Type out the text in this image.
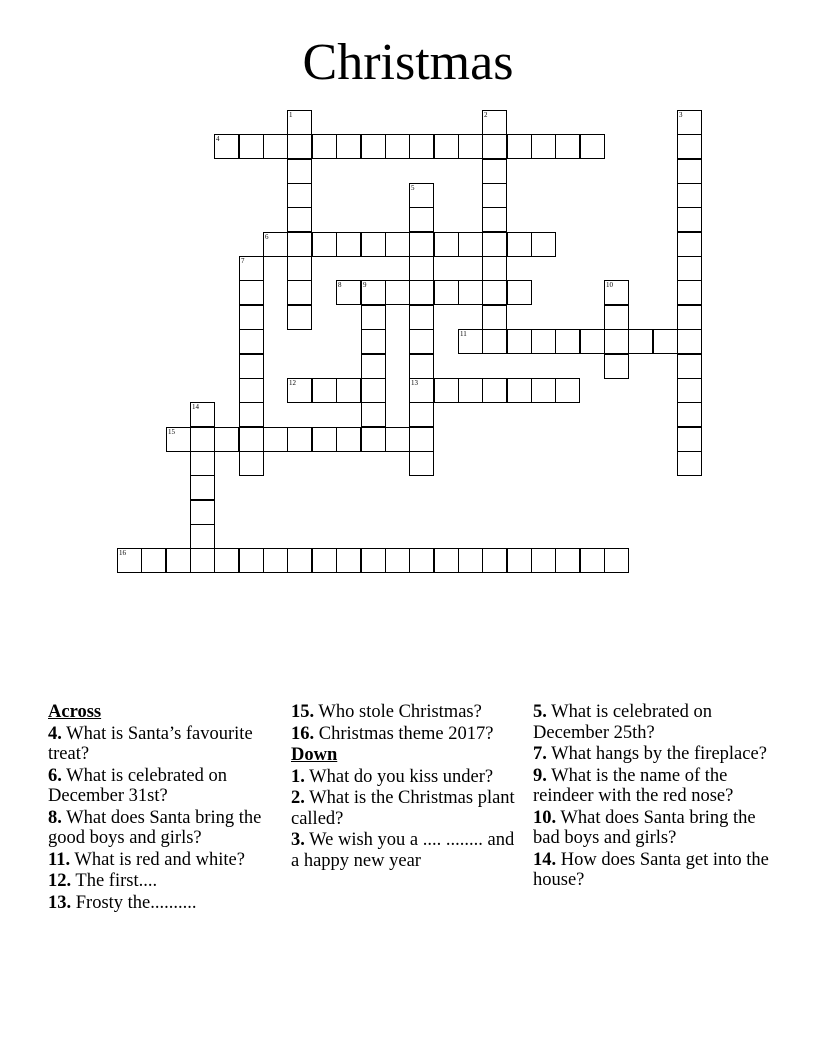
Christmas
4
6
8	9
11
12	13
15
16
1	2	3
5
7
10
14
Across
4. What is Santa’s favourite treat?
6. What is celebrated on December 31st?
8. What does Santa bring the good boys and girls?
11. What is red and white?
12. The first....
13. Frosty the..........
15. Who stole Christmas?
16. Christmas theme 2017?
Down
1. What do you kiss under?
2. What is the Christmas plant called?
3. We wish you a .... ........ and a happy new year
5. What is celebrated on December 25th?
7. What hangs by the fireplace?
9. What is the name of the reindeer with the red nose?
10. What does Santa bring the bad boys and girls?
14. How does Santa get into the house?
